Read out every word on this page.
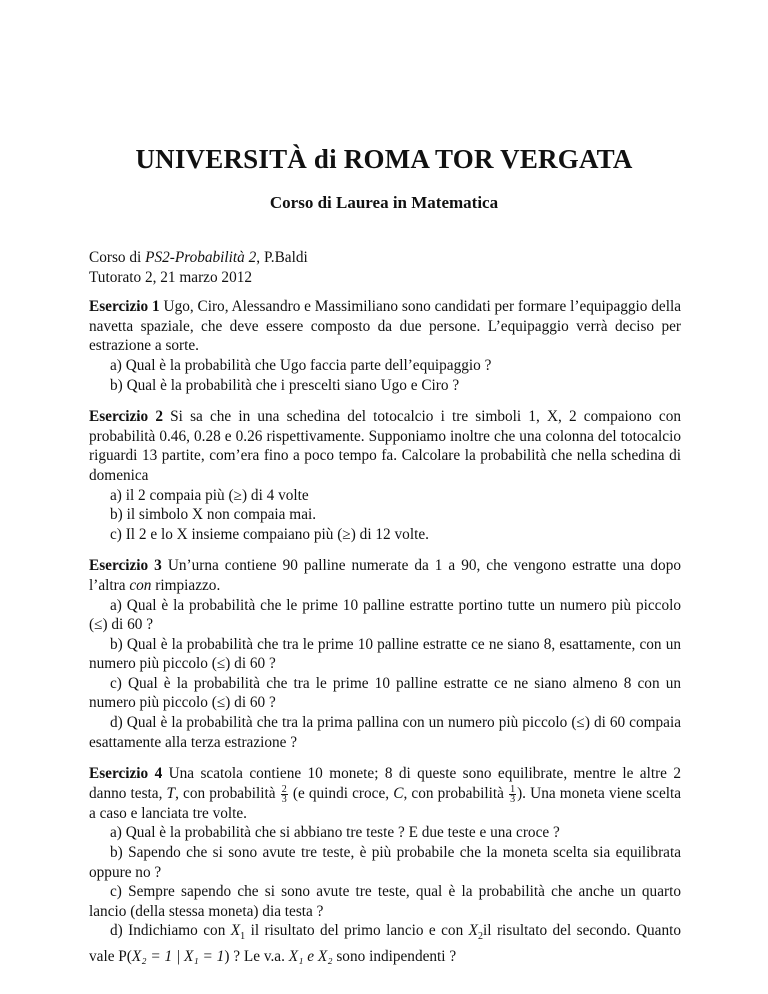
UNIVERSITÀ di ROMA TOR VERGATA
Corso di Laurea in Matematica
Corso di PS2-Probabilità 2, P.Baldi
Tutorato 2, 21 marzo 2012
Esercizio 1 Ugo, Ciro, Alessandro e Massimiliano sono candidati per formare l’equipaggio della navetta spaziale, che deve essere composto da due persone. L’equipaggio verrà deciso per estrazione a sorte.
a) Qual è la probabilità che Ugo faccia parte dell’equipaggio ?
b) Qual è la probabilità che i prescelti siano Ugo e Ciro ?
Esercizio 2 Si sa che in una schedina del totocalcio i tre simboli 1, X, 2 compaiono con probabilità 0.46, 0.28 e 0.26 rispettivamente. Supponiamo inoltre che una colonna del totocalcio riguardi 13 partite, com’era fino a poco tempo fa. Calcolare la probabilità che nella schedina di domenica
a) il 2 compaia più (≥) di 4 volte
b) il simbolo X non compaia mai.
c) Il 2 e lo X insieme compaiano più (≥) di 12 volte.
Esercizio 3 Un’urna contiene 90 palline numerate da 1 a 90, che vengono estratte una dopo l’altra con rimpiazzo.
a) Qual è la probabilità che le prime 10 palline estratte portino tutte un numero più piccolo (≤) di 60 ?
b) Qual è la probabilità che tra le prime 10 palline estratte ce ne siano 8, esattamente, con un numero più piccolo (≤) di 60 ?
c) Qual è la probabilità che tra le prime 10 palline estratte ce ne siano almeno 8 con un numero più piccolo (≤) di 60 ?
d) Qual è la probabilità che tra la prima pallina con un numero più piccolo (≤) di 60 compaia esattamente alla terza estrazione ?
Esercizio 4 Una scatola contiene 10 monete; 8 di queste sono equilibrate, mentre le altre 2 danno testa, T, con probabilità $\frac{2}{3} (e$ quindi croce, C, con probabilità $\frac{1}{3}$ ). Una moneta viene scelta a caso e lanciata tre volte.
a) Qual è la probabilità che si abbiano tre teste ? E due teste e una croce ?
b) Sapendo che si sono avute tre teste, è più probabile che la moneta scelta sia equilibrata oppure no ?
c) Sempre sapendo che si sono avute tre teste, qual è la probabilità che anche un quarto lancio (della stessa moneta) dia testa ?
d) Indichiamo con $X_1$ il risultato del primo lancio e con $X_2il$ risultato del secondo. Quanto vale P(X₂ = 1 | X₁ = 1) ? Le v.a. X₁ e X₂ sono indipendenti ?
